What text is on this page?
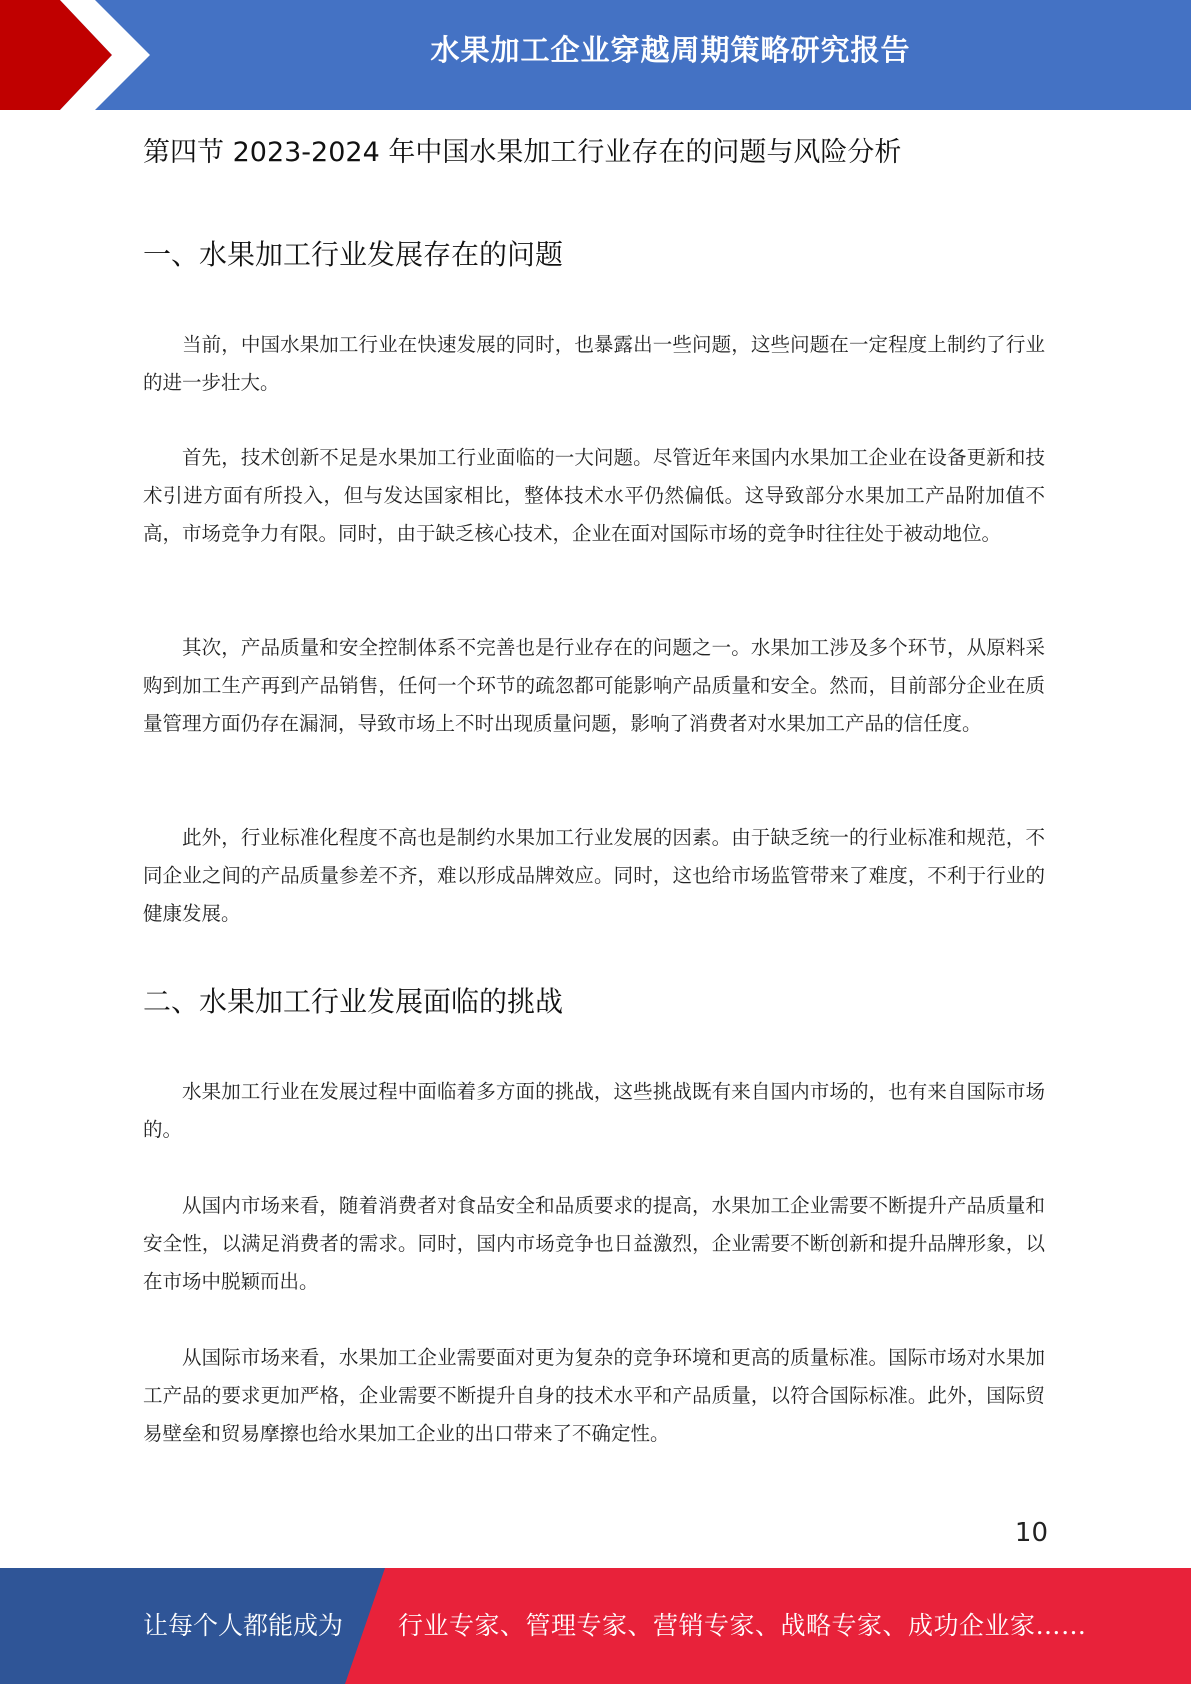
水果加工企业穿越周期策略研究报告
第四节 2023-2024 年中国水果加工行业存在的问题与风险分析
一、水果加工行业发展存在的问题

当前，中国水果加工行业在快速发展的同时，也暴露出一些问题，这些问题在一定程度上制约了行业的进一步壮大。

首先，技术创新不足是水果加工行业面临的一大问题。尽管近年来国内水果加工企业在设备更新和技术引进方面有所投入，但与发达国家相比，整体技术水平仍然偏低。这导致部分水果加工产品附加值不高，市场竞争力有限。同时，由于缺乏核心技术，企业在面对国际市场的竞争时往往处于被动地位。

其次，产品质量和安全控制体系不完善也是行业存在的问题之一。水果加工涉及多个环节，从原料采购到加工生产再到产品销售，任何一个环节的疏忽都可能影响产品质量和安全。然而，目前部分企业在质量管理方面仍存在漏洞，导致市场上不时出现质量问题，影响了消费者对水果加工产品的信任度。

此外，行业标准化程度不高也是制约水果加工行业发展的因素。由于缺乏统一的行业标准和规范，不同企业之间的产品质量参差不齐，难以形成品牌效应。同时，这也给市场监管带来了难度，不利于行业的健康发展。

二、水果加工行业发展面临的挑战

水果加工行业在发展过程中面临着多方面的挑战，这些挑战既有来自国内市场的，也有来自国际市场的。

从国内市场来看，随着消费者对食品安全和品质要求的提高，水果加工企业需要不断提升产品质量和安全性，以满足消费者的需求。同时，国内市场竞争也日益激烈，企业需要不断创新和提升品牌形象，以在市场中脱颖而出。

从国际市场来看，水果加工企业需要面对更为复杂的竞争环境和更高的质量标准。国际市场对水果加工产品的要求更加严格，企业需要不断提升自身的技术水平和产品质量，以符合国际标准。此外，国际贸易壁垒和贸易摩擦也给水果加工企业的出口带来了不确定性。

10
让每个人都能成为 行业专家、管理专家、营销专家、战略专家、成功企业家……
